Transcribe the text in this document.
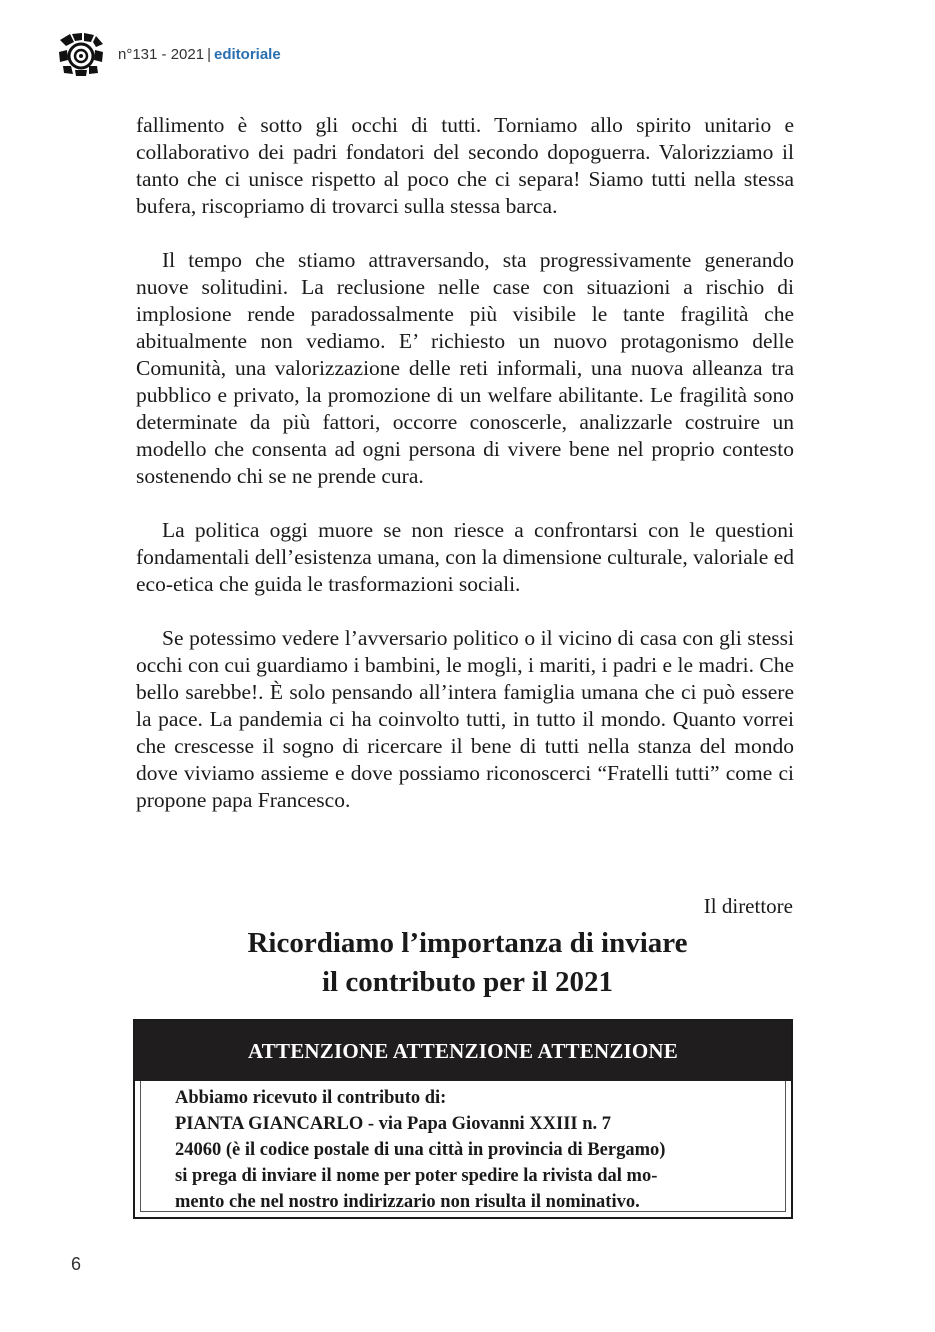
n°131 - 2021 | editoriale

fallimento è sotto gli occhi di tutti. Torniamo allo spirito unitario e collaborativo dei padri fondatori del secondo dopoguerra. Valorizziamo il tanto che ci unisce rispetto al poco che ci separa! Siamo tutti nella stessa bufera, riscopriamo di trovarci sulla stessa barca.

Il tempo che stiamo attraversando, sta progressivamente generando nuove solitudini. La reclusione nelle case con situazioni a rischio di implosione rende paradossalmente più visibile le tante fragilità che abitualmente non vediamo. E’ richiesto un nuovo protagonismo delle Comunità, una valorizzazione delle reti informali, una nuova alleanza tra pubblico e privato, la promozione di un welfare abilitante. Le fragilità sono determinate da più fattori, occorre conoscerle, analizzarle costruire un modello che consenta ad ogni persona di vivere bene nel proprio contesto sostenendo chi se ne prende cura.

La politica oggi muore se non riesce a confrontarsi con le questioni fondamentali dell’esistenza umana, con la dimensione culturale, valoriale ed eco-etica che guida le trasformazioni sociali.

Se potessimo vedere l’avversario politico o il vicino di casa con gli stessi occhi con cui guardiamo i bambini, le mogli, i mariti, i padri e le madri. Che bello sarebbe!. È solo pensando all’intera famiglia umana che ci può essere la pace. La pandemia ci ha coinvolto tutti, in tutto il mondo. Quanto vorrei che crescesse il sogno di ricercare il bene di tutti nella stanza del mondo dove viviamo assieme e dove possiamo riconoscerci “Fratelli tutti” come ci propone papa Francesco.

Il direttore
Ricordiamo l’importanza di inviare
il contributo per il 2021
ATTENZIONE ATTENZIONE ATTENZIONE
Abbiamo ricevuto il contributo di:
PIANTA GIANCARLO - via Papa Giovanni XXIII n. 7
24060 (è il codice postale di una città in provincia di Bergamo)
si prega di inviare il nome per poter spedire la rivista dal mo-
mento che nel nostro indirizzario non risulta il nominativo.
6
